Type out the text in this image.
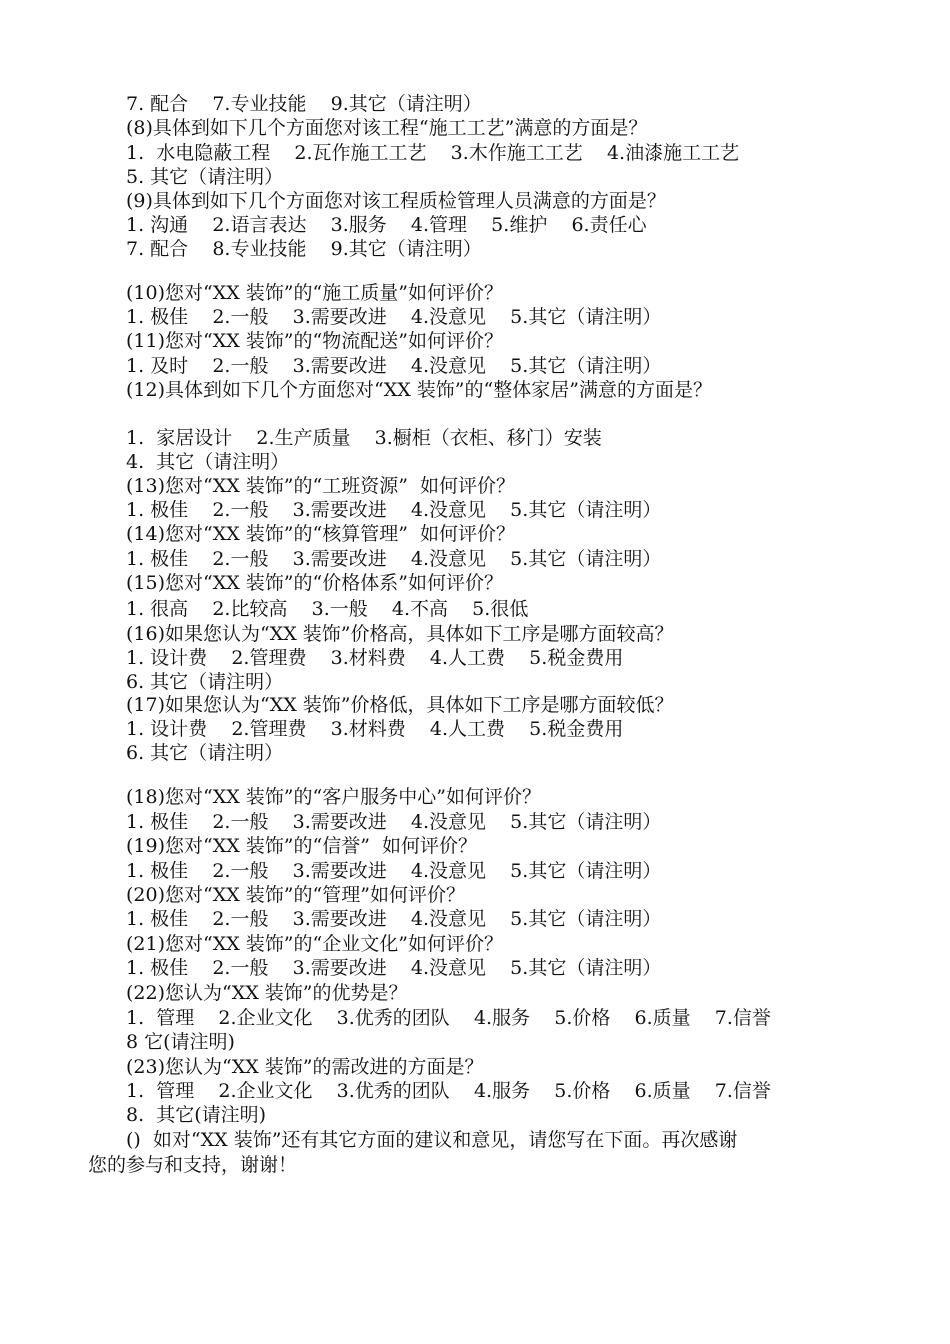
7. 配合    7.专业技能    9.其它（请注明）
(8)具体到如下几个方面您对该工程“施工工艺”满意的方面是？
1.  水电隐蔽工程    2.瓦作施工工艺    3.木作施工工艺    4.油漆施工工艺
5. 其它（请注明）
(9)具体到如下几个方面您对该工程质检管理人员满意的方面是？
1. 沟通    2.语言表达    3.服务    4.管理    5.维护    6.责任心
7. 配合    8.专业技能    9.其它（请注明）
(10)您对“XX 装饰”的“施工质量”如何评价？
1. 极佳    2.一般    3.需要改进    4.没意见    5.其它（请注明）
(11)您对“XX 装饰”的“物流配送”如何评价？
1. 及时    2.一般    3.需要改进    4.没意见    5.其它（请注明）
(12)具体到如下几个方面您对“XX 装饰”的“整体家居”满意的方面是？
1.  家居设计    2.生产质量    3.橱柜（衣柜、移门）安装
4.  其它（请注明）
(13)您对“XX 装饰”的“工班资源”  如何评价？
1. 极佳    2.一般    3.需要改进    4.没意见    5.其它（请注明）
(14)您对“XX 装饰”的“核算管理”  如何评价？
1. 极佳    2.一般    3.需要改进    4.没意见    5.其它（请注明）
(15)您对“XX 装饰”的“价格体系”如何评价？
1. 很高    2.比较高    3.一般    4.不高    5.很低
(16)如果您认为“XX 装饰”价格高，具体如下工序是哪方面较高？
1. 设计费    2.管理费    3.材料费    4.人工费    5.税金费用
6. 其它（请注明）
(17)如果您认为“XX 装饰”价格低，具体如下工序是哪方面较低？
1. 设计费    2.管理费    3.材料费    4.人工费    5.税金费用
6. 其它（请注明）
(18)您对“XX 装饰”的“客户服务中心”如何评价？
1. 极佳    2.一般    3.需要改进    4.没意见    5.其它（请注明）
(19)您对“XX 装饰”的“信誉”  如何评价？
1. 极佳    2.一般    3.需要改进    4.没意见    5.其它（请注明）
(20)您对“XX 装饰”的“管理”如何评价？
1. 极佳    2.一般    3.需要改进    4.没意见    5.其它（请注明）
(21)您对“XX 装饰”的“企业文化”如何评价？
1. 极佳    2.一般    3.需要改进    4.没意见    5.其它（请注明）
(22)您认为“XX 装饰”的优势是？
1.  管理    2.企业文化    3.优秀的团队    4.服务    5.价格    6.质量    7.信誉
8 它(请注明)
(23)您认为“XX 装饰”的需改进的方面是？
1.  管理    2.企业文化    3.优秀的团队    4.服务    5.价格    6.质量    7.信誉
8.  其它(请注明)
()  如对“XX 装饰”还有其它方面的建议和意见，请您写在下面。再次感谢
您的参与和支持，谢谢！
